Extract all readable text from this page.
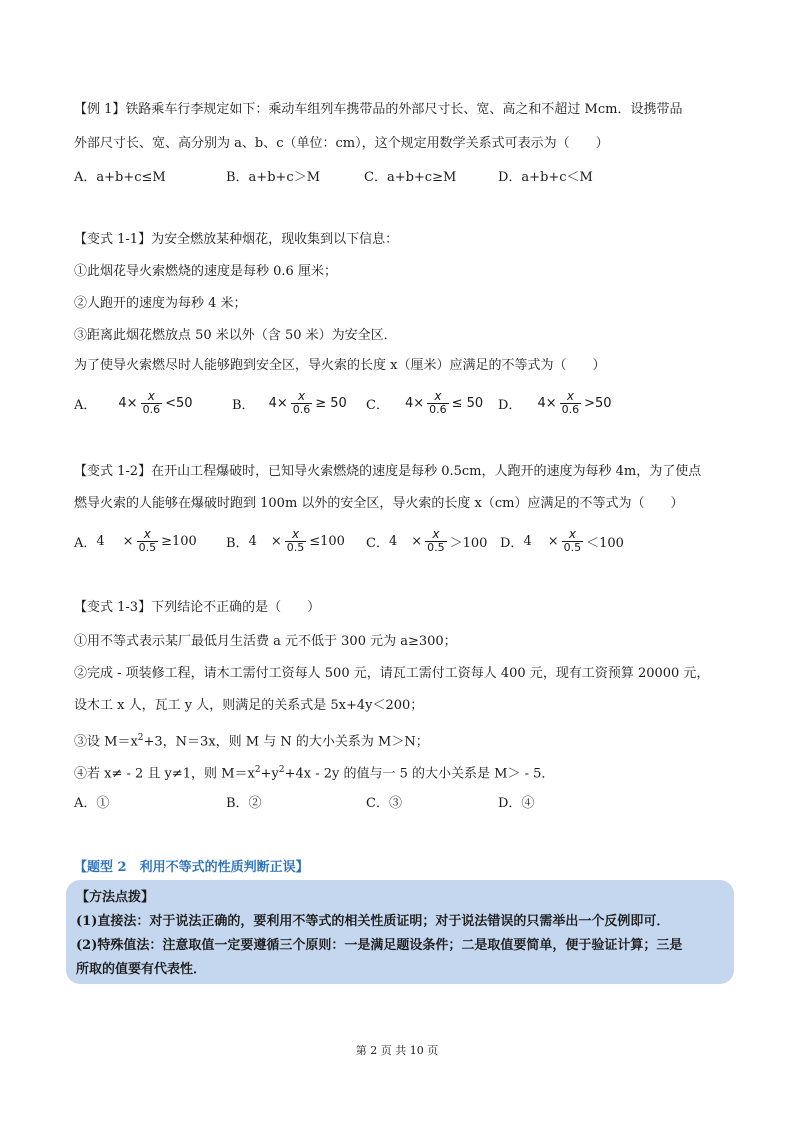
【例 1】铁路乘车行李规定如下：乘动车组列车携带品的外部尺寸长、宽、高之和不超过 Mcm．设携带品
外部尺寸长、宽、高分别为 a、b、c（单位：cm），这个规定用数学关系式可表示为（　　）
A．a+b+c≤M	B．a+b+c＞M	C．a+b+c≥M	D．a+b+c＜M
【变式 1-1】为安全燃放某种烟花，现收集到以下信息：
①此烟花导火索燃烧的速度是每秒 0.6 厘米；
②人跑开的速度为每秒 4 米；
③距离此烟花燃放点 50 米以外（含 50 米）为安全区．
为了使导火索燃尽时人能够跑到安全区，导火索的长度 x（厘米）应满足的不等式为（　　）
A． $4 \times \frac{x}{0.6} <50$	B． $4 \times \frac{x}{0.6} \ge 50$ C． $4 \times \frac{x}{0.6} \le 50$ D． $4 \times \frac{x}{0.6} >50$
【变式 1-2】在开山工程爆破时，已知导火索燃烧的速度是每秒 0.5cm，人跑开的速度为每秒 4m，为了使点
燃导火索的人能够在爆破时跑到 100m 以外的安全区，导火索的长度 x（cm）应满足的不等式为（　　）
A． $4 \times \frac{x}{0.5} \ge 100$ B． $4 \times \frac{x}{0.5} \le 100$ C． $4 \times \frac{x}{0.5} >100$ D． $4 \times \frac{x}{0.5} <100$
【变式 1-3】下列结论不正确的是（　　）
①用不等式表示某厂最低月生活费 a 元不低于 300 元为 a≥300；
②完成 - 项装修工程，请木工需付工资每人 500 元，请瓦工需付工资每人 400 元，现有工资预算 20000 元，
设木工 x 人，瓦工 y 人，则满足的关系式是 5x+4y＜200；
③设 $M=x^2+3$，N＝3x，则 M 与 N 的大小关系为 M＞N；
④若 x≠ - 2 且 y≠1，则 $M=x^2+y^2+4x - 2y$ 的值与一 5 的大小关系是 M＞ - 5．
A．①	B．②	C．③	D．④
【题型 2　利用不等式的性质判断正误】
【方法点拨】
(1)直接法：对于说法正确的，要利用不等式的相关性质证明；对于说法错误的只需举出一个反例即可．
(2)特殊值法：注意取值一定要遵循三个原则：一是满足题设条件；二是取值要简单，便于验证计算；三是
所取的值要有代表性．
第 2 页 共 10 页
